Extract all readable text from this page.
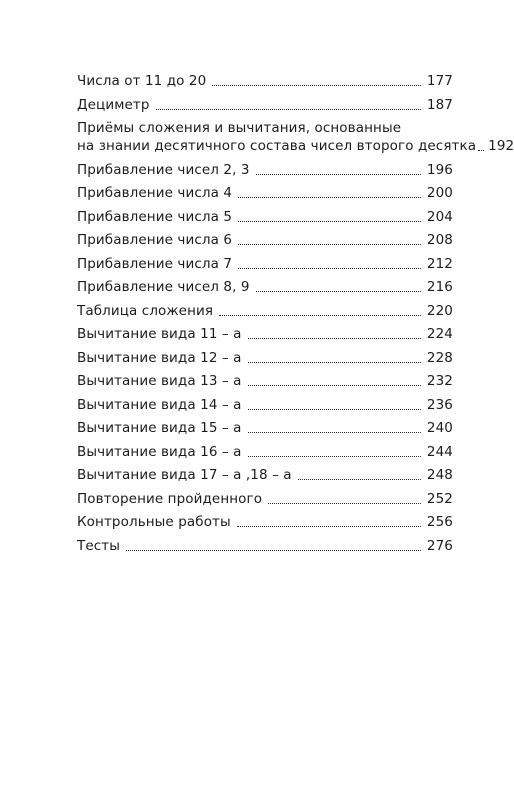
Числа от 11 до 20	177
Дециметр	187
Приёмы сложения и вычитания, основанные
на знании десятичного состава чисел второго десятка 192
Прибавление чисел 2, 3	196
Прибавление числа 4	200
Прибавление числа 5	204
Прибавление числа 6	208
Прибавление числа 7	212
Прибавление чисел 8, 9	216
Таблица сложения	220
Вычитание вида 11 – а	224
Вычитание вида 12 – а	228
Вычитание вида 13 – а	232
Вычитание вида 14 – а	236
Вычитание вида 15 – а	240
Вычитание вида 16 – а	244
Вычитание вида 17 – а ,18 – а	248
Повторение пройденного	252
Контрольные работы	256
Тесты	276
